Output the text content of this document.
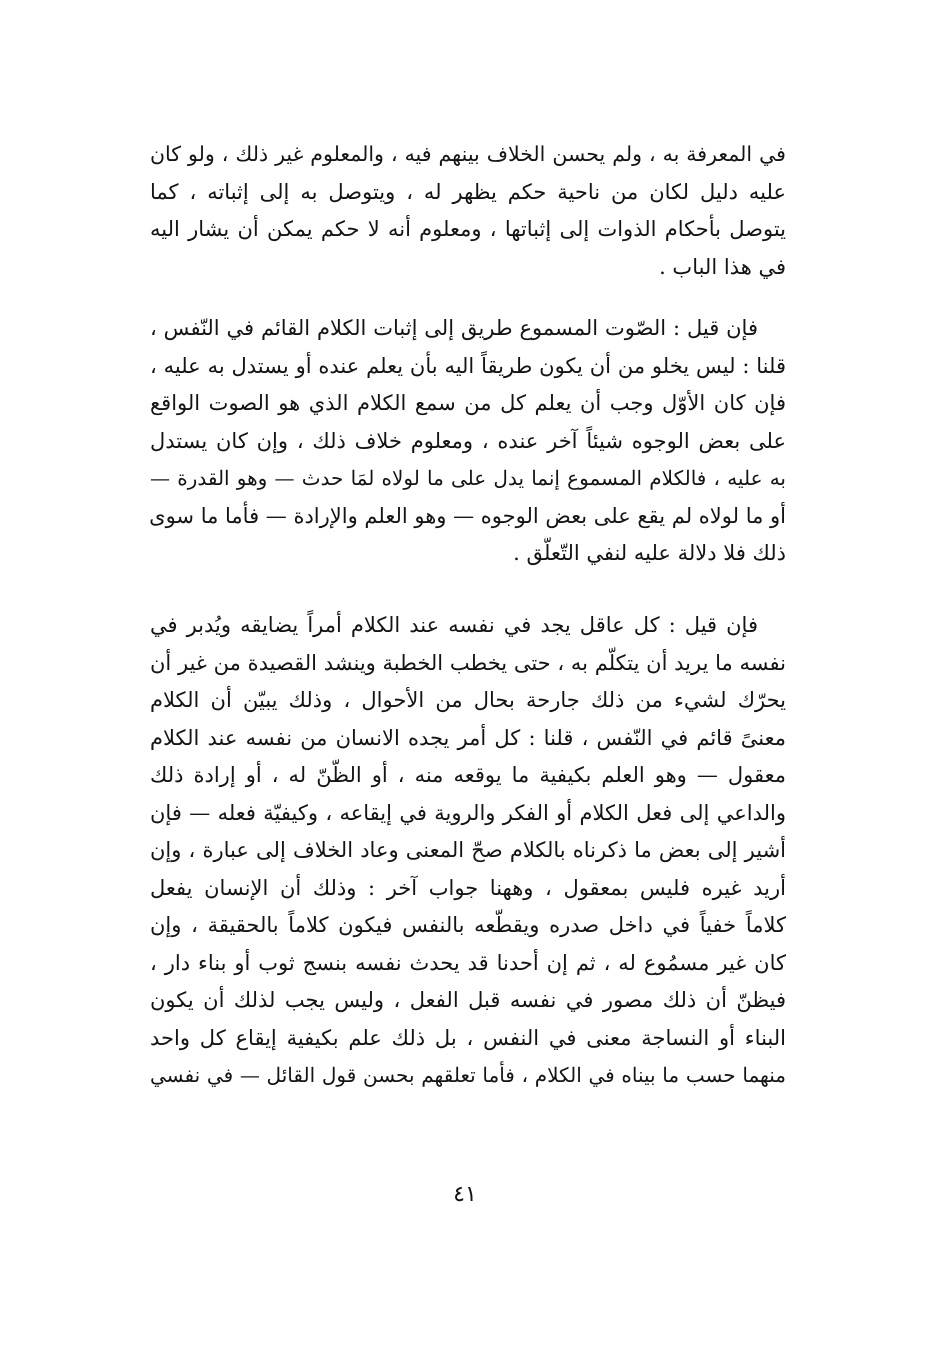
في المعرفة به ، ولم يحسن الخلاف بينهم فيه ، والمعلوم غير ذلك ، ولو كان
عليه دليل لكان من ناحية حكم يظهر له ، ويتوصل به إلى إثباته ، كما
يتوصل بأحكام الذوات إلى إثباتها ، ومعلوم أنه لا حكم يمكن أن يشار اليه
في هذا الباب .
فإن قيل : الصّوت المسموع طريق إلى إثبات الكلام القائم في النّفس ،
قلنا : ليس يخلو من أن يكون طريقاً اليه بأن يعلم عنده أو يستدل به عليه ،
فإن كان الأوّل وجب أن يعلم كل من سمع الكلام الذي هو الصوت الواقع
على بعض الوجوه شيئاً آخر عنده ، ومعلوم خلاف ذلك ، وإن كان يستدل
به عليه ، فالكلام المسموع إنما يدل على ما لولاه لمَا حدث — وهو القدرة —
أو ما لولاه لم يقع على بعض الوجوه — وهو العلم والإرادة — فأما ما سوى
ذلك فلا دلالة عليه لنفي التّعلّق .
فإن قيل : كل عاقل يجد في نفسه عند الكلام أمراً يضايقه ويُدبر في
نفسه ما يريد أن يتكلّم به ، حتى يخطب الخطبة وينشد القصيدة من غير أن
يحرّك لشيء من ذلك جارحة بحال من الأحوال ، وذلك يبيّن أن الكلام
معنىً قائم في النّفس ، قلنا : كل أمر يجده الانسان من نفسه عند الكلام
معقول — وهو العلم بكيفية ما يوقعه منه ، أو الظّنّ له ، أو إرادة ذلك
والداعي إلى فعل الكلام أو الفكر والروية في إيقاعه ، وكيفيّة فعله — فإن
أشير إلى بعض ما ذكرناه بالكلام صحّ المعنى وعاد الخلاف إلى عبارة ، وإن
أريد غيره فليس بمعقول ، وههنا جواب آخر : وذلك أن الإنسان يفعل
كلاماً خفياً في داخل صدره ويقطّعه بالنفس فيكون كلاماً بالحقيقة ، وإن
كان غير مسمُوع له ، ثم إن أحدنا قد يحدث نفسه بنسج ثوب أو بناء دار ،
فيظنّ أن ذلك مصور في نفسه قبل الفعل ، وليس يجب لذلك أن يكون
البناء أو النساجة معنى في النفس ، بل ذلك علم بكيفية إيقاع كل واحد
منهما حسب ما بيناه في الكلام ، فأما تعلقهم بحسن قول القائل — في نفسي
٤١
